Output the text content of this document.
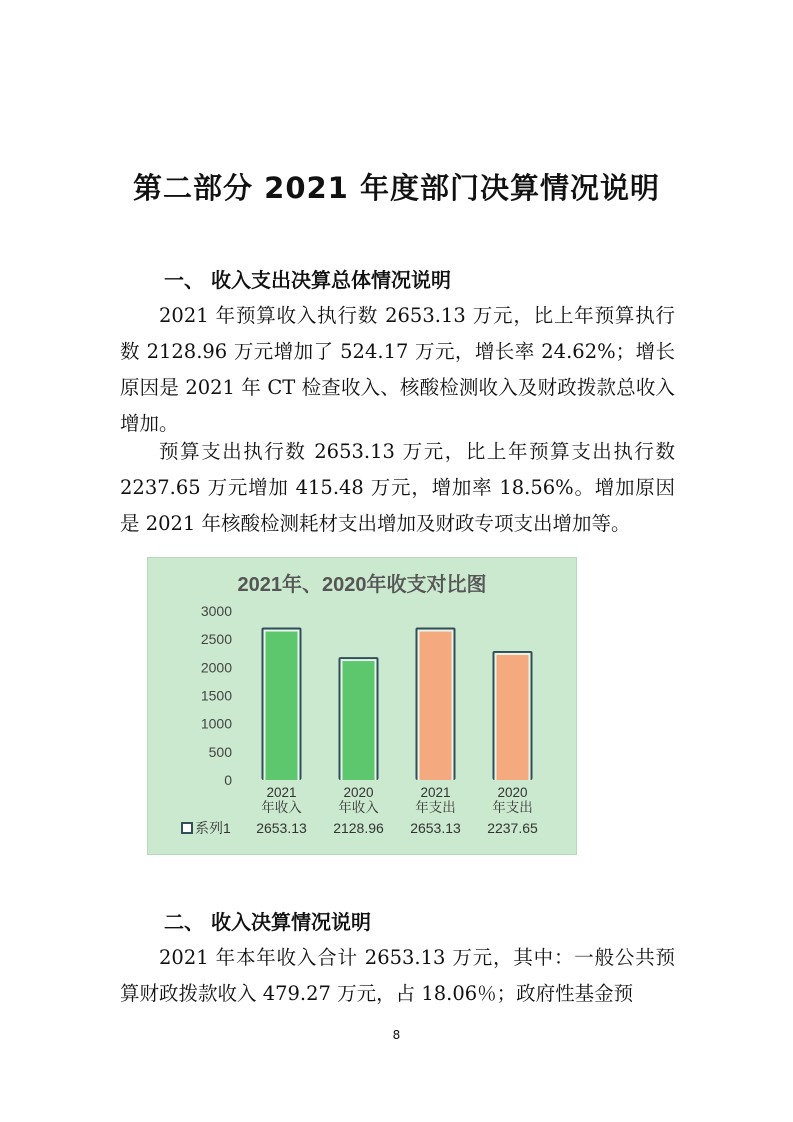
第二部分 2021 年度部门决算情况说明
一、 收入支出决算总体情况说明

2021 年预算收入执行数 2653.13 万元，比上年预算执行数 2128.96 万元增加了 524.17 万元，增长率 24.62%；增长原因是 2021 年 CT 检查收入、核酸检测收入及财政拨款总收入增加。

预算支出执行数 2653.13 万元，比上年预算支出执行数 2237.65 万元增加 415.48 万元，增加率 18.56%。增加原因是 2021 年核酸检测耗材支出增加及财政专项支出增加等。

2021年、2020年收支对比图
0
500
1000
1500
2000
2500
3000
2021 年收入
2653.13
2020 年收入
2128.96
2021 年支出
2653.13
2020 年支出
2237.65
系列1
二、 收入决算情况说明

2021 年本年收入合计 2653.13 万元，其中：一般公共预算财政拨款收入 479.27 万元，占 18.06％；政府性基金预

8
